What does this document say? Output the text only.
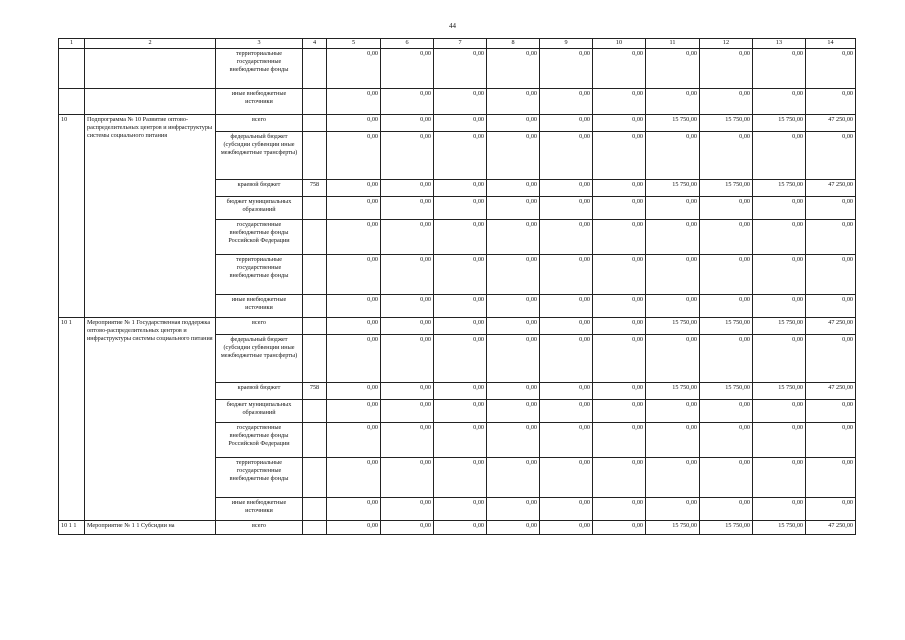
44
1	2	3	4	5	6	7	8	9	10	11	12	13	14
		территориальные государственные внебюджетные фонды		0,00	0,00	0,00	0,00	0,00	0,00	0,00	0,00	0,00	0,00
		иные внебюджетные источники		0,00	0,00	0,00	0,00	0,00	0,00	0,00	0,00	0,00	0,00
10	Подпрограмма № 10 Развитие оптово-распределительных центров и инфраструктуры системы социального питания	всего		0,00	0,00	0,00	0,00	0,00	0,00	15 750,00	15 750,00	15 750,00	47 250,00
		федеральный бюджет (субсидии субвенции иные межбюджетные трансферты)		0,00	0,00	0,00	0,00	0,00	0,00	0,00	0,00	0,00	0,00
		краевой бюджет	758	0,00	0,00	0,00	0,00	0,00	0,00	15 750,00	15 750,00	15 750,00	47 250,00
		бюджет муниципальных образований		0,00	0,00	0,00	0,00	0,00	0,00	0,00	0,00	0,00	0,00
		государственные внебюджетные фонды Российской Федерации		0,00	0,00	0,00	0,00	0,00	0,00	0,00	0,00	0,00	0,00
		территориальные государственные внебюджетные фонды		0,00	0,00	0,00	0,00	0,00	0,00	0,00	0,00	0,00	0,00
		иные внебюджетные источники		0,00	0,00	0,00	0,00	0,00	0,00	0,00	0,00	0,00	0,00
10 1	Мероприятие № 1 Государственная поддержка оптово-распределительных центров и инфраструктуры системы социального питания	всего		0,00	0,00	0,00	0,00	0,00	0,00	15 750,00	15 750,00	15 750,00	47 250,00
		федеральный бюджет (субсидии субвенции иные межбюджетные трансферты)		0,00	0,00	0,00	0,00	0,00	0,00	0,00	0,00	0,00	0,00
		краевой бюджет	758	0,00	0,00	0,00	0,00	0,00	0,00	15 750,00	15 750,00	15 750,00	47 250,00
		бюджет муниципальных образований		0,00	0,00	0,00	0,00	0,00	0,00	0,00	0,00	0,00	0,00
		государственные внебюджетные фонды Российской Федерации		0,00	0,00	0,00	0,00	0,00	0,00	0,00	0,00	0,00	0,00
		территориальные государственные внебюджетные фонды		0,00	0,00	0,00	0,00	0,00	0,00	0,00	0,00	0,00	0,00
		иные внебюджетные источники		0,00	0,00	0,00	0,00	0,00	0,00	0,00	0,00	0,00	0,00
10 1 1	Мероприятие № 1 1 Субсидии на	всего		0,00	0,00	0,00	0,00	0,00	0,00	15 750,00	15 750,00	15 750,00	47 250,00
